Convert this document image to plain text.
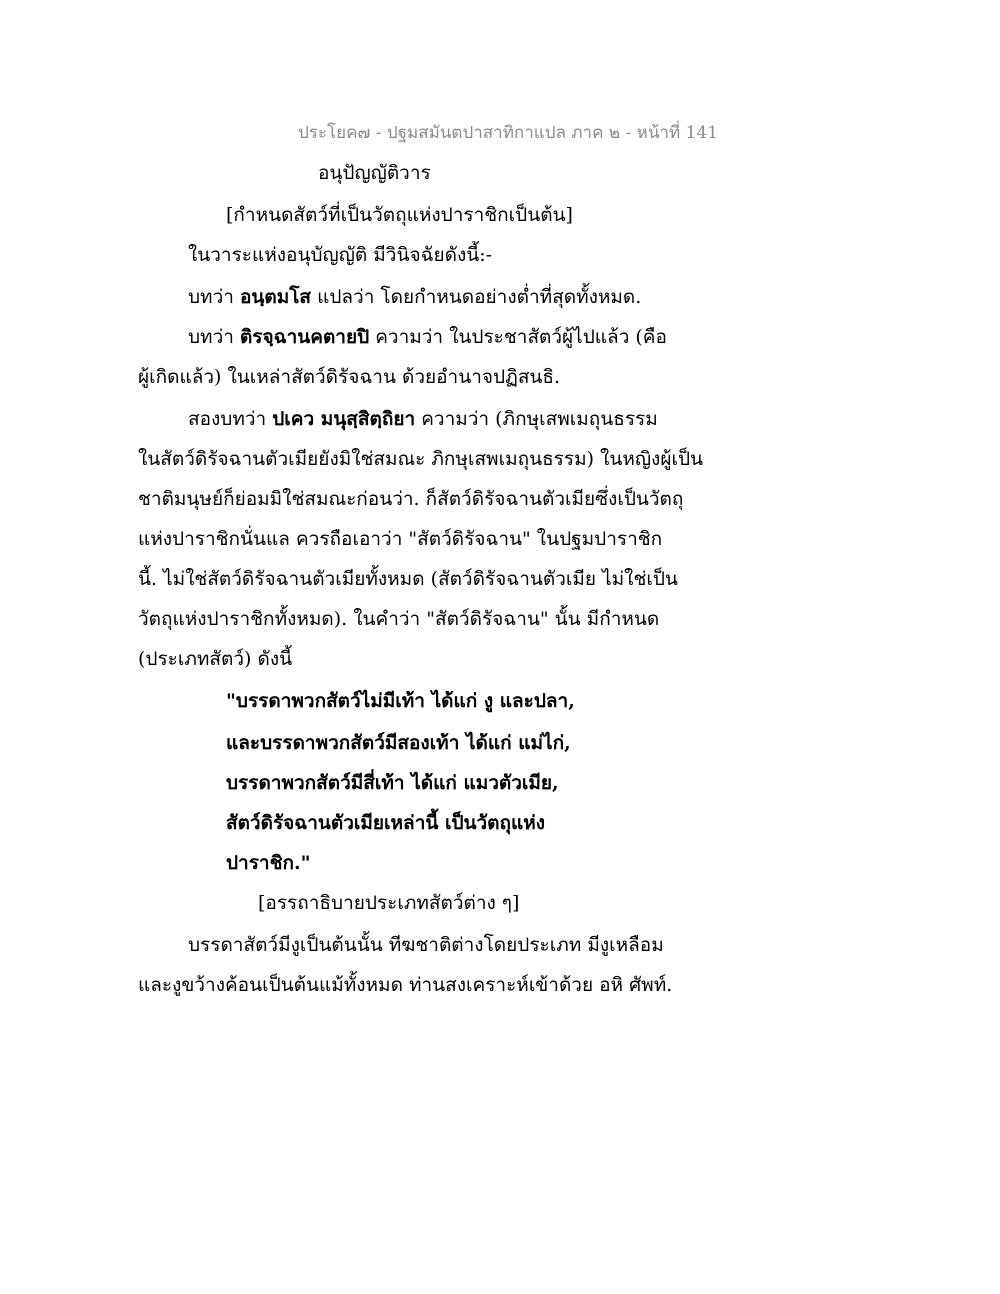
ประโยค๗ - ปฐมสมันตปาสาทิกาแปล ภาค ๒ - หน้าที่ 141
อนุปัญญัติวาร
[กำหนดสัตว์ที่เป็นวัตถุแห่งปาราชิกเป็นต้น]
ในวาระแห่งอนุบัญญัติ มีวินิจฉัยดังนี้:-
บทว่า อนฺตมโส แปลว่า โดยกำหนดอย่างต่ำที่สุดทั้งหมด.
บทว่า ติรจฺฉานคตายปิ ความว่า ในประชาสัตว์ผู้ไปแล้ว (คือ
ผู้เกิดแล้ว) ในเหล่าสัตว์ดิรัจฉาน ด้วยอำนาจปฏิสนธิ.
สองบทว่า ปเคว มนุสฺสิตฺถิยา ความว่า (ภิกษุเสพเมถุนธรรม
ในสัตว์ดิรัจฉานตัวเมียยังมิใช่สมณะ ภิกษุเสพเมถุนธรรม) ในหญิงผู้เป็น
ชาติมนุษย์ก็ย่อมมิใช่สมณะก่อนว่า. ก็สัตว์ดิรัจฉานตัวเมียซึ่งเป็นวัตถุ
แห่งปาราชิกนั่นแล ควรถือเอาว่า "สัตว์ดิรัจฉาน" ในปฐมปาราชิก
นี้. ไม่ใช่สัตว์ดิรัจฉานตัวเมียทั้งหมด (สัตว์ดิรัจฉานตัวเมีย ไม่ใช่เป็น
วัตถุแห่งปาราชิกทั้งหมด). ในคำว่า "สัตว์ดิรัจฉาน" นั้น มีกำหนด
(ประเภทสัตว์) ดังนี้
"บรรดาพวกสัตว์ไม่มีเท้า ได้แก่ งู และปลา,
และบรรดาพวกสัตว์มีสองเท้า ได้แก่ แม่ไก่,
บรรดาพวกสัตว์มีสี่เท้า ได้แก่ แมวตัวเมีย,
สัตว์ดิรัจฉานตัวเมียเหล่านี้ เป็นวัตถุแห่ง
ปาราชิก."
[อรรถาธิบายประเภทสัตว์ต่าง ๆ]
บรรดาสัตว์มีงูเป็นต้นนั้น ทีฆชาติต่างโดยประเภท มีงูเหลือม
และงูขว้างค้อนเป็นต้นแม้ทั้งหมด ท่านสงเคราะห์เข้าด้วย อหิ ศัพท์.
